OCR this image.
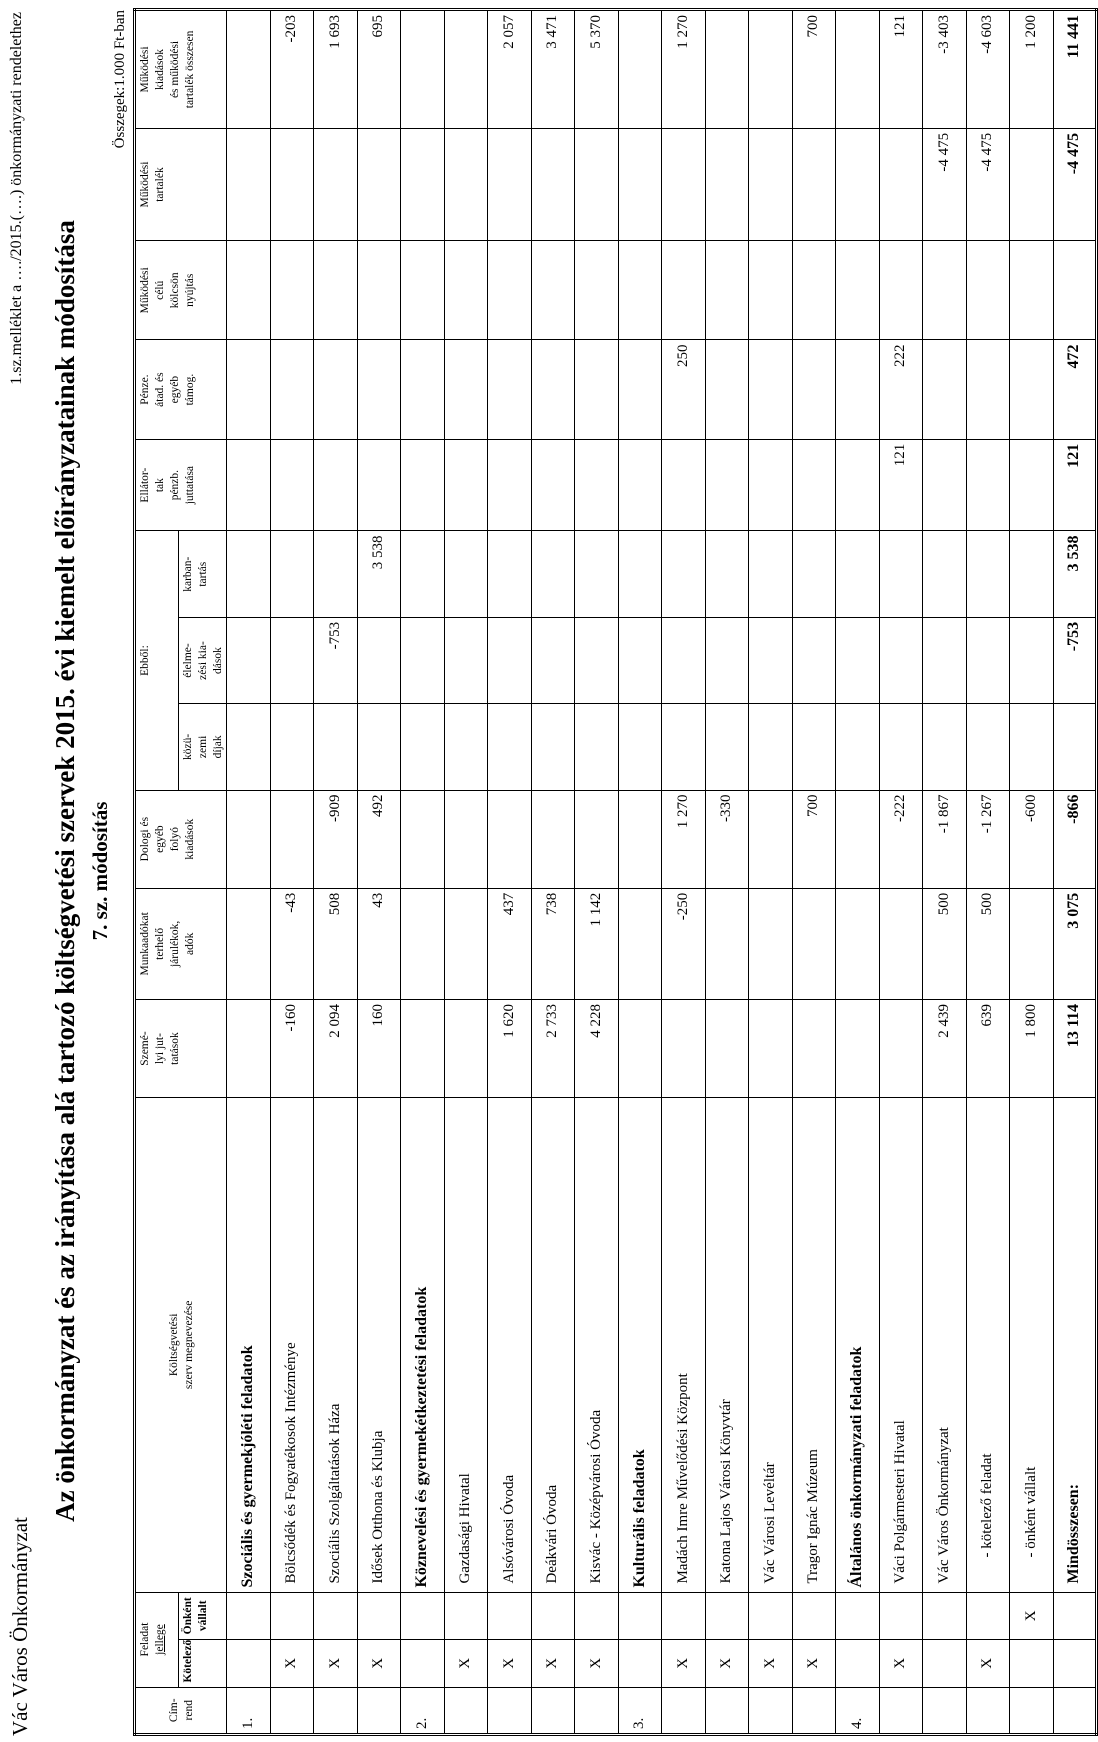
Vác Város Önkormányzat
1.sz.melléklet a …./2015.(….) önkormányzati rendelethez
Az önkormányzat és az irányítása alá tartozó költségvetési szervek 2015. évi kiemelt előirányzatainak módosítása 7. sz. módosítás
Összegek:1.000 Ft-ban
Cím- rend	Feladat jellege		Költségvetési szerv megnevezése	Szemé- lyi jut- tatások	Munkaadókat terhelő járulékok, adók	Dologi és egyéb folyó kiadások	Ebből:			Ellátor- tak pénzb. juttatása	Pénze. átad. és egyéb támog.	Működési célú kölcsön nyújtás	Működési tartalék	Működési kiadások és működési tartalék összesen
	Kötelező	Önként vállalt					közü- zemi díjak	élelme- zési kia- dások	karban- tartás					
1.			Szociális és gyermekjóléti feladatok											
	X		Bölcsődék és Fogyatékosok Intézménye	-160	-43									-203
	X		Szociális Szolgáltatások Háza	2 094	508	-909		-753						1 693
	X		Idősek Otthona és Klubja	160	43	492			3 538					695
2.			Köznevelési és gyermekétkeztetési feladatok											
	X		Gazdasági Hivatal											
	X		Alsóvárosi Óvoda	1 620	437									2 057
	X		Deákvári Óvoda	2 733	738									3 471
	X		Kisvác - Középvárosi Óvoda	4 228	1 142									5 370
3.			Kulturális feladatok											
	X		Madách Imre Művelődési Központ		-250	1 270					250			1 270
	X		Katona Lajos Városi Könyvtár			-330								
	X		Vác Városi Levéltár											
	X		Tragor Ignác Múzeum			700								700
4.			Általános önkormányzati feladatok											
	X		Váci Polgármesteri Hivatal			-222				121	222			121
			Vác Város Önkormányzat	2 439	500	-1 867							-4 475	-3 403
	X		- kötelező feladat	639	500	-1 267							-4 475	-4 603
		X	- önként vállalt	1 800		-600								1 200
			Mindösszesen:	13 114	3 075	-866		-753	3 538	121	472		-4 475	11 441
